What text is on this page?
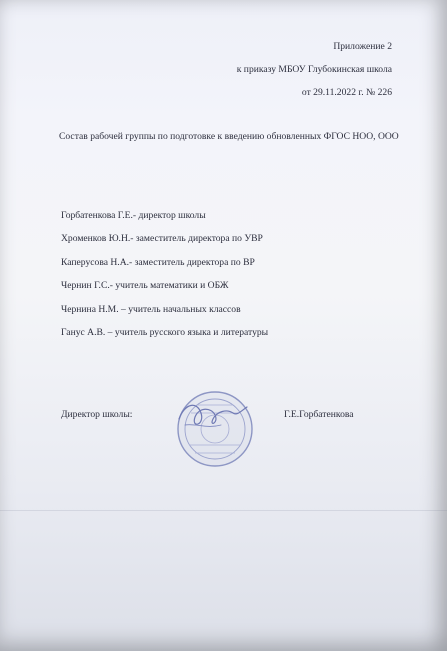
Приложение 2
к приказу МБОУ Глубокинская школа
от 29.11.2022 г. № 226
Состав рабочей группы по подготовке к введению обновленных ФГОС НОО, ООО
Горбатенкова Г.Е.- директор школы
Хроменков Ю.Н.- заместитель директора по УВР
Каперусова Н.А.- заместитель директора по ВР
Чернин Г.С.- учитель математики и ОБЖ
Чернина Н.М. – учитель начальных классов
Ганус А.В. – учитель русского языка и литературы
Директор школы:	Г.Е.Горбатенкова
